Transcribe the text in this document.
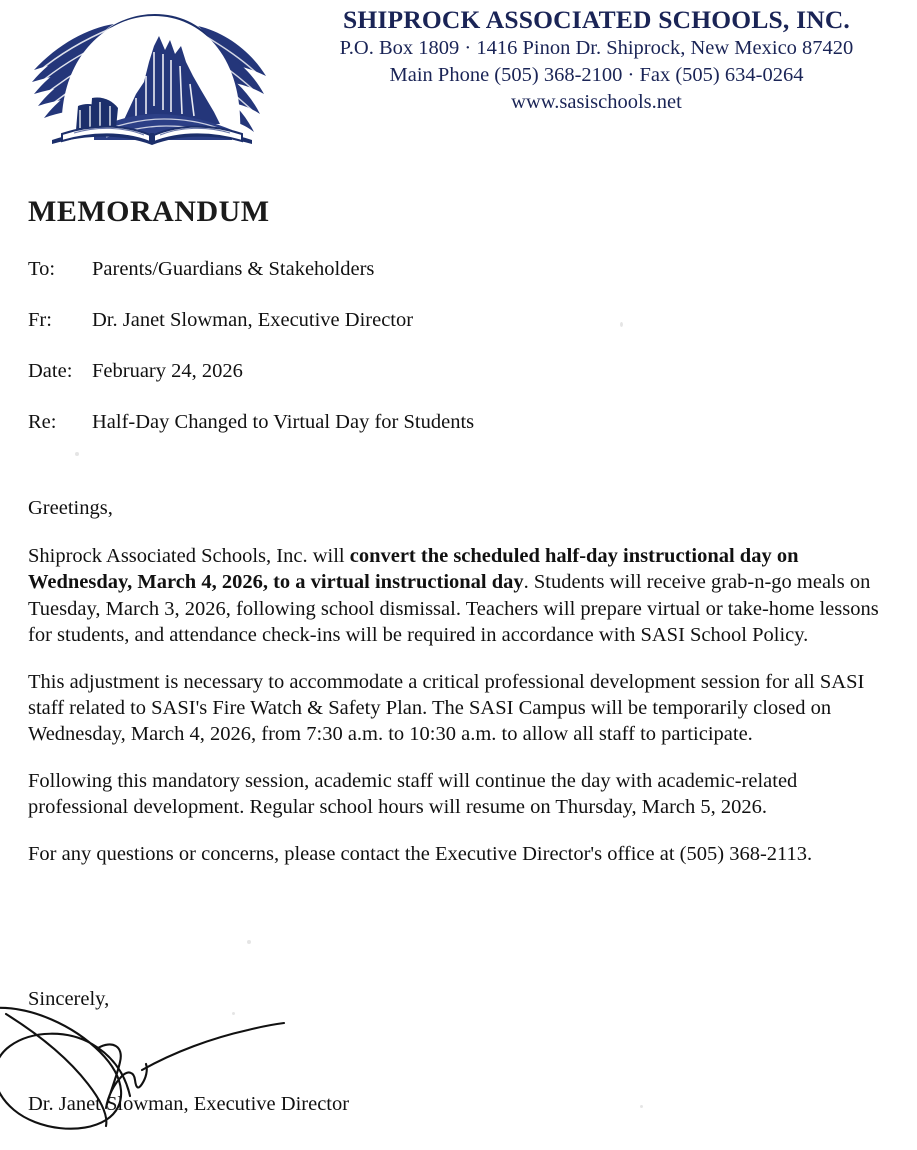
SHIPROCK ASSOCIATED SCHOOLS, INC.
P.O. Box 1809 · 1416 Pinon Dr. Shiprock, New Mexico 87420
Main Phone (505) 368-2100 · Fax (505) 634-0264
www.sasischools.net
MEMORANDUM
To:	Parents/Guardians & Stakeholders
Fr:	Dr. Janet Slowman, Executive Director
Date: February 24, 2026
Re:	Half-Day Changed to Virtual Day for Students
Greetings,

Shiprock Associated Schools, Inc. will convert the scheduled half-day instructional day on Wednesday, March 4, 2026, to a virtual instructional day. Students will receive grab-n-go meals on Tuesday, March 3, 2026, following school dismissal. Teachers will prepare virtual or take-home lessons for students, and attendance check-ins will be required in accordance with SASI School Policy.

This adjustment is necessary to accommodate a critical professional development session for all SASI staff related to SASI's Fire Watch & Safety Plan. The SASI Campus will be temporarily closed on Wednesday, March 4, 2026, from 7:30 a.m. to 10:30 a.m. to allow all staff to participate.

Following this mandatory session, academic staff will continue the day with academic-related professional development. Regular school hours will resume on Thursday, March 5, 2026.

For any questions or concerns, please contact the Executive Director's office at (505) 368-2113.

Sincerely,
Dr. Janet Slowman, Executive Director
